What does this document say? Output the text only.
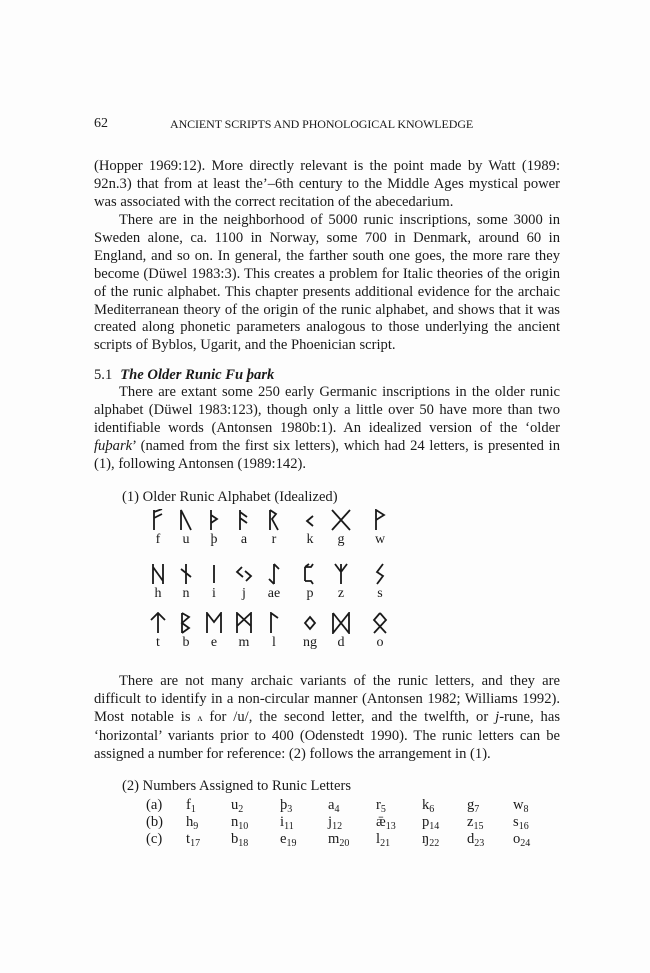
62	ANCIENT SCRIPTS AND PHONOLOGICAL KNOWLEDGE

(Hopper 1969:12). More directly relevant is the point made by Watt (1989: 92n.3) that from at least the’–6th century to the Middle Ages mystical power was associated with the correct recitation of the abecedarium.

There are in the neighborhood of 5000 runic inscriptions, some 3000 in Sweden alone, ca. 1100 in Norway, some 700 in Denmark, around 60 in England, and so on. In general, the farther south one goes, the more rare they become (Düwel 1983:3). This creates a problem for Italic theories of the origin of the runic alphabet. This chapter presents additional evidence for the archaic Mediterranean theory of the origin of the runic alphabet, and shows that it was created along phonetic parameters analogous to those underlying the ancient scripts of Byblos, Ugarit, and the Phoenician script.

5.1 The Older Runic Fu þark

There are extant some 250 early Germanic inscriptions in the older runic alphabet (Düwel 1983:123), though only a little over 50 have more than two identifiable words (Antonsen 1980b:1). An idealized version of the ‘older fuþark’ (named from the first six letters), which had 24 letters, is presented in (1), following Antonsen (1989:142).

(1) Older Runic Alphabet (Idealized)
f	u	þ	a	r	k	g	w
h	n	i	j	ae	p	z	s
t	b	e	m	l	ng	d	o

There are not many archaic variants of the runic letters, and they are difficult to identify in a non-circular manner (Antonsen 1982; Williams 1992). Most notable is ʌ for /u/, the second letter, and the twelfth, or j-rune, has ‘horizontal’ variants prior to 400 (Odenstedt 1990). The runic letters can be assigned a number for reference: (2) follows the arrangement in (1).

(2) Numbers Assigned to Runic Letters
(a) $f_1$ $u_2$	$þ_3$ $a_4$	$r_5$ $k_6$ $g_7$ $w_8$
(b) $h_9$ $n_{10}$ $i_{11}$ $j_{12}$ $ǣ_{13}$ $p_{14}$ $z_{15}$ $s_{16}$
(c) $t_{17}$ $b_{18}$ $e_{19}$ $m_{20}$ $l_{21}$ $ŋ_{22}$ $d_{23}$ $o_{24}$
